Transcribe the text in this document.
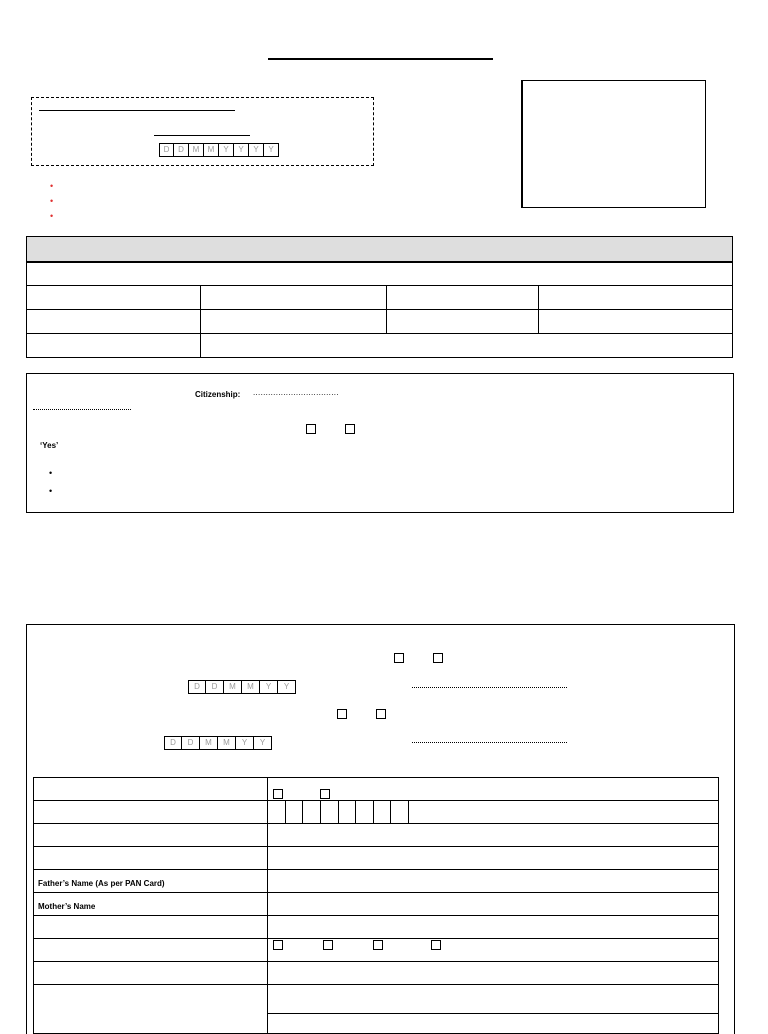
D	D	M	M	Y	Y	Y	Y
•
•
•

Citizenship: ..................................
‘Yes’
•
•
D	D	M	M	Y	Y
D	D	M	M	Y	Y

Father’s Name (As per PAN Card)	
Mother’s Name	
